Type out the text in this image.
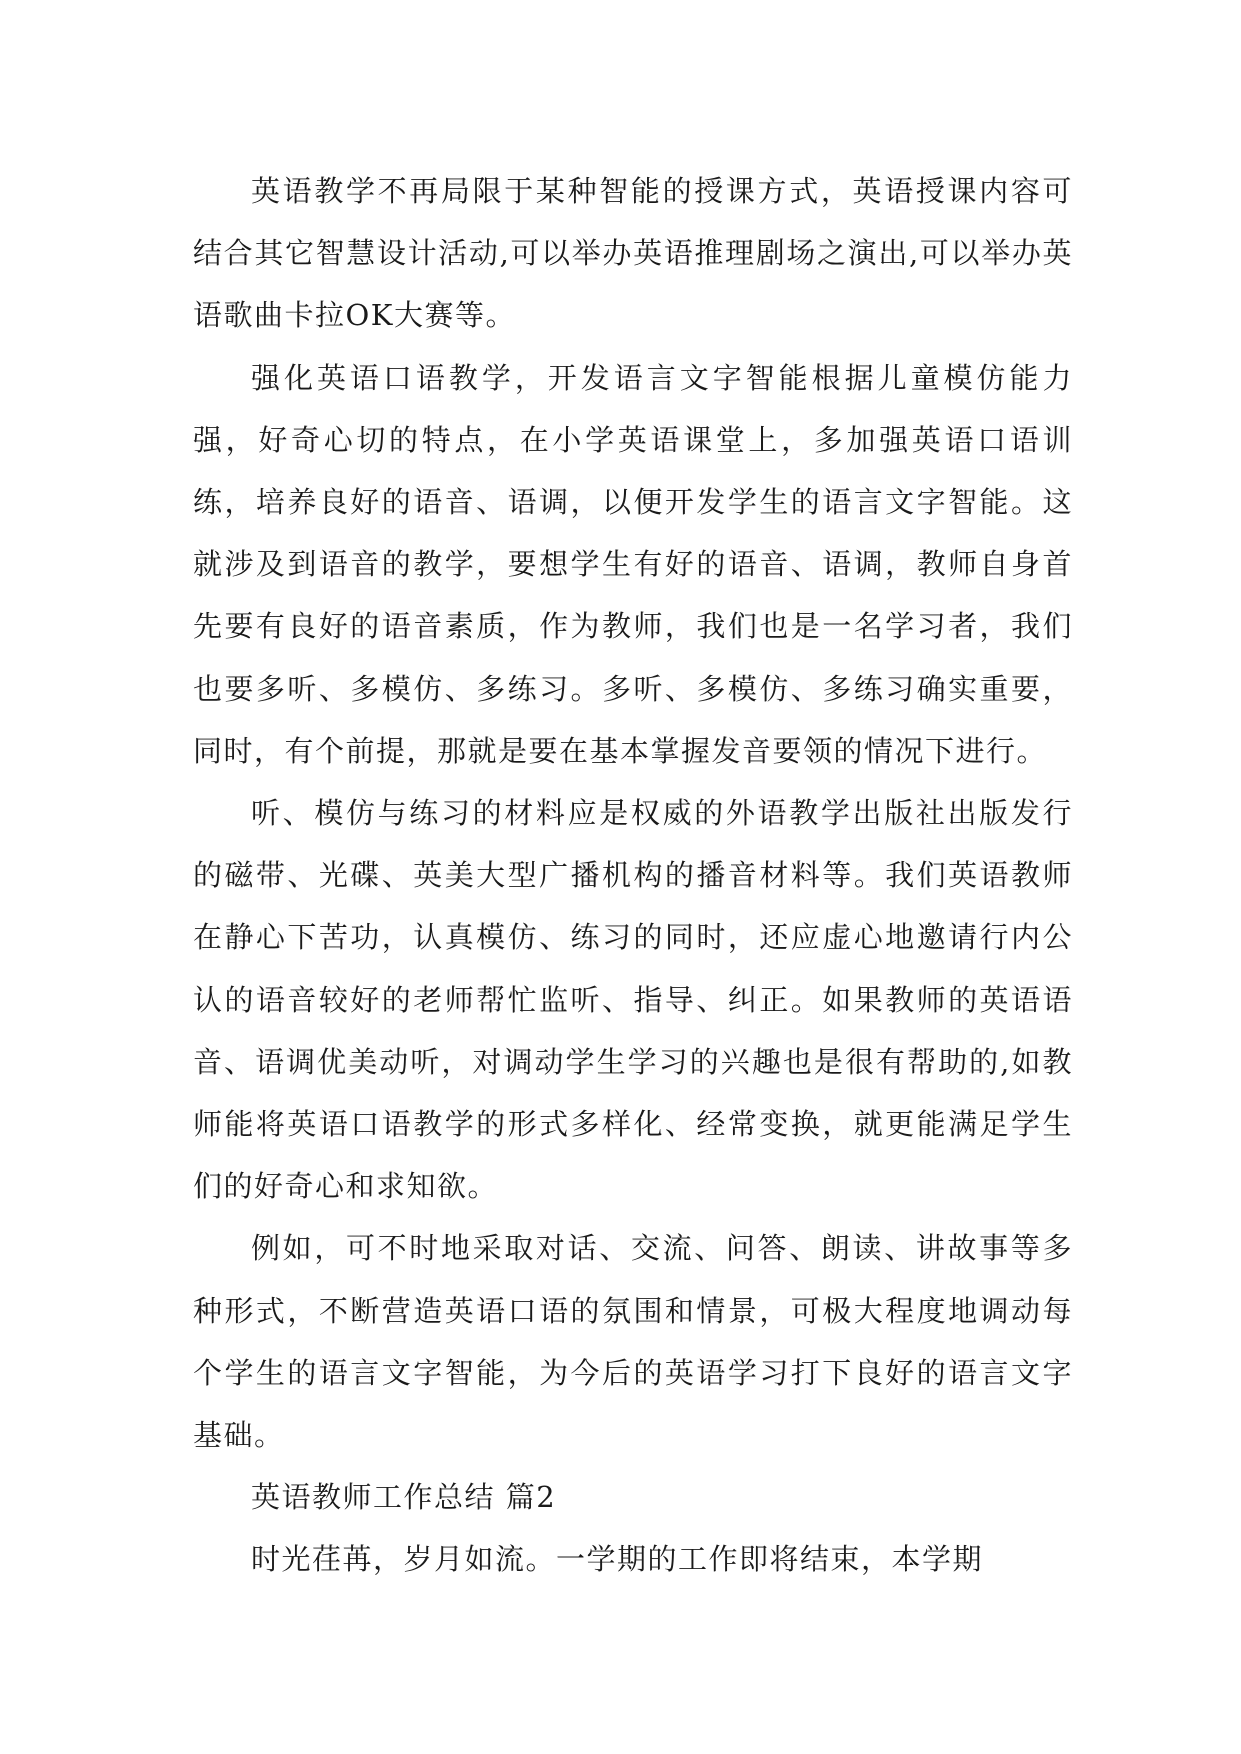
英语教学不再局限于某种智能的授课方式，英语授课内容可结合其它智慧设计活动,可以举办英语推理剧场之演出,可以举办英语歌曲卡拉OK大赛等。

强化英语口语教学，开发语言文字智能根据儿童模仿能力强，好奇心切的特点，在小学英语课堂上，多加强英语口语训练，培养良好的语音、语调，以便开发学生的语言文字智能。这就涉及到语音的教学，要想学生有好的语音、语调，教师自身首先要有良好的语音素质，作为教师，我们也是一名学习者，我们也要多听、多模仿、多练习。多听、多模仿、多练习确实重要，同时，有个前提，那就是要在基本掌握发音要领的情况下进行。

听、模仿与练习的材料应是权威的外语教学出版社出版发行的磁带、光碟、英美大型广播机构的播音材料等。我们英语教师在静心下苦功，认真模仿、练习的同时，还应虚心地邀请行内公认的语音较好的老师帮忙监听、指导、纠正。如果教师的英语语音、语调优美动听，对调动学生学习的兴趣也是很有帮助的,如教师能将英语口语教学的形式多样化、经常变换，就更能满足学生们的好奇心和求知欲。

例如，可不时地采取对话、交流、问答、朗读、讲故事等多种形式，不断营造英语口语的氛围和情景，可极大程度地调动每个学生的语言文字智能，为今后的英语学习打下良好的语言文字基础。

英语教师工作总结 篇2

时光荏苒，岁月如流。一学期的工作即将结束，本学期
